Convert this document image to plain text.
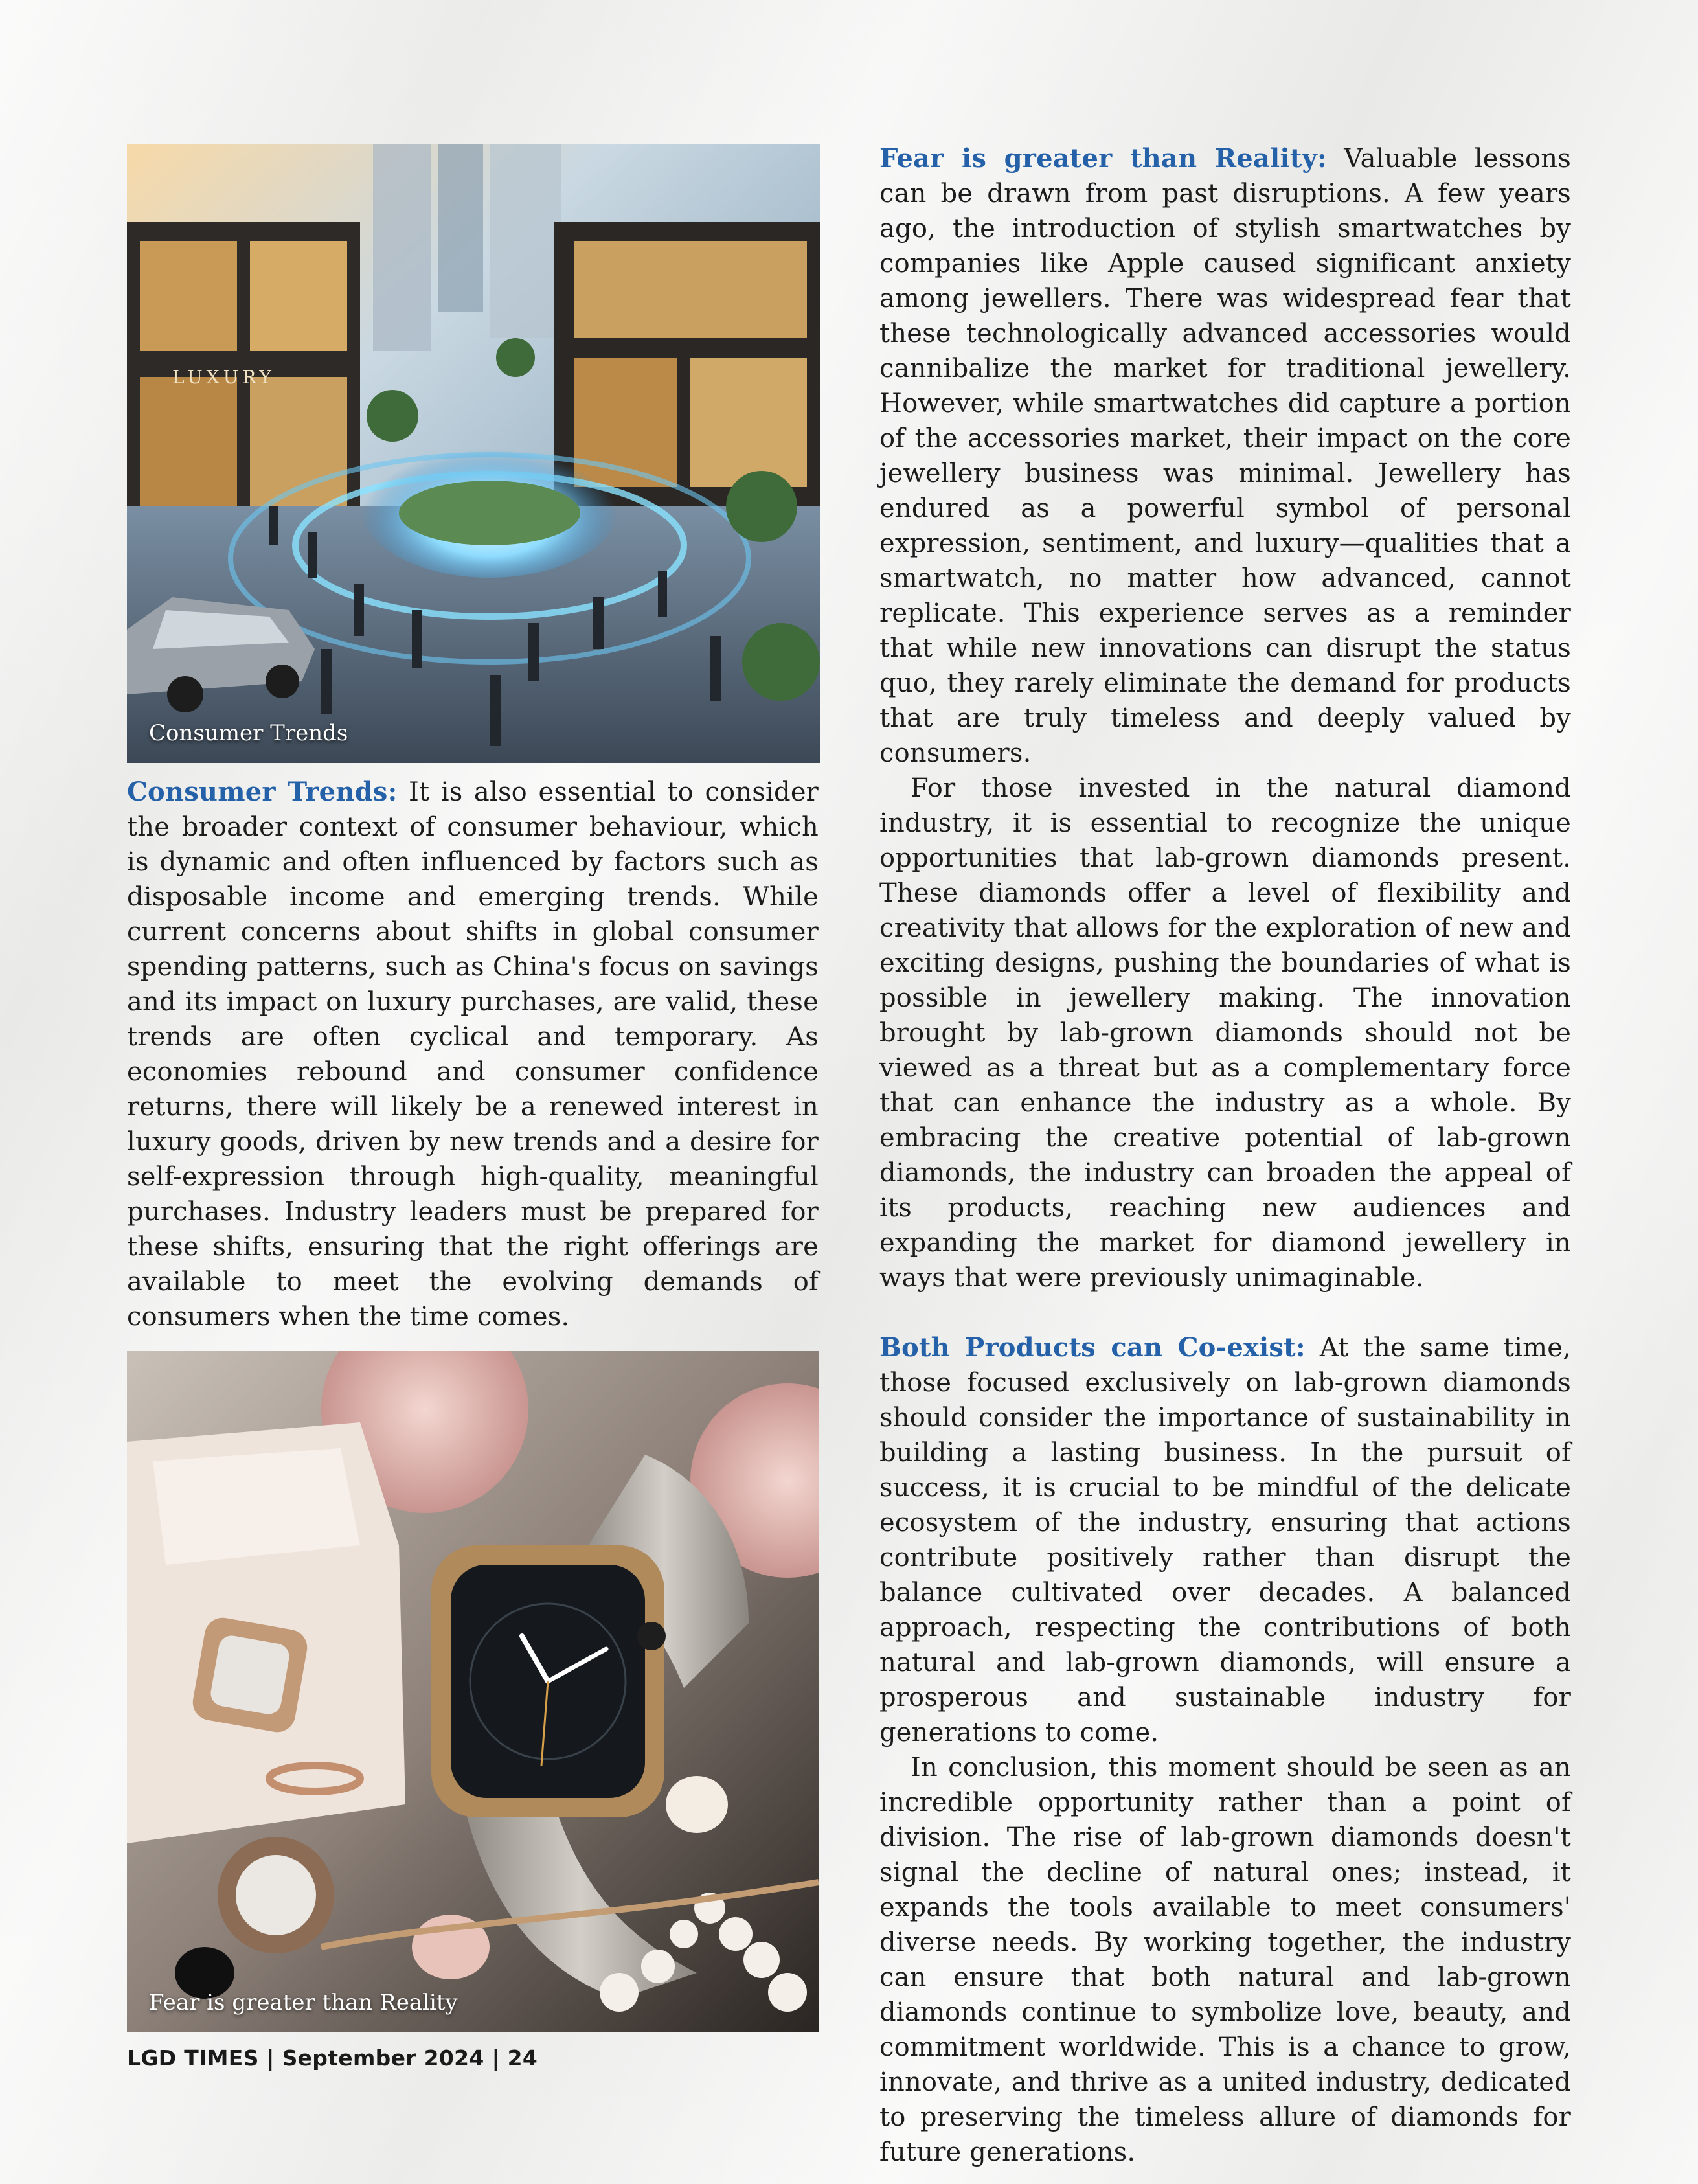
LUXURY
Consumer Trends

Consumer Trends: It is also essential to consider the broader context of consumer behaviour, which is dynamic and often influenced by factors such as disposable income and emerging trends. While current concerns about shifts in global consumer spending patterns, such as China's focus on savings and its impact on luxury purchases, are valid, these trends are often cyclical and temporary. As economies rebound and consumer confidence returns, there will likely be a renewed interest in luxury goods, driven by new trends and a desire for self-expression through high-quality, meaningful purchases. Industry leaders must be prepared for these shifts, ensuring that the right offerings are available to meet the evolving demands of consumers when the time comes.

Fear is greater than Reality

Fear is greater than Reality: Valuable lessons can be drawn from past disruptions. A few years ago, the introduction of stylish smartwatches by companies like Apple caused significant anxiety among jewellers. There was widespread fear that these technologically advanced accessories would cannibalize the market for traditional jewellery. However, while smartwatches did capture a portion of the accessories market, their impact on the core jewellery business was minimal. Jewellery has endured as a powerful symbol of personal expression, sentiment, and luxury—qualities that a smartwatch, no matter how advanced, cannot replicate. This experience serves as a reminder that while new innovations can disrupt the status quo, they rarely eliminate the demand for products that are truly timeless and deeply valued by consumers.

For those invested in the natural diamond industry, it is essential to recognize the unique opportunities that lab-grown diamonds present. These diamonds offer a level of flexibility and creativity that allows for the exploration of new and exciting designs, pushing the boundaries of what is possible in jewellery making. The innovation brought by lab-grown diamonds should not be viewed as a threat but as a complementary force that can enhance the industry as a whole. By embracing the creative potential of lab-grown diamonds, the industry can broaden the appeal of its products, reaching new audiences and expanding the market for diamond jewellery in ways that were previously unimaginable.

Both Products can Co-exist: At the same time, those focused exclusively on lab-grown diamonds should consider the importance of sustainability in building a lasting business. In the pursuit of success, it is crucial to be mindful of the delicate ecosystem of the industry, ensuring that actions contribute positively rather than disrupt the balance cultivated over decades. A balanced approach, respecting the contributions of both natural and lab-grown diamonds, will ensure a prosperous and sustainable industry for generations to come.

In conclusion, this moment should be seen as an incredible opportunity rather than a point of division. The rise of lab-grown diamonds doesn't signal the decline of natural ones; instead, it expands the tools available to meet consumers' diverse needs. By working together, the industry can ensure that both natural and lab-grown diamonds continue to symbolize love, beauty, and commitment worldwide. This is a chance to grow, innovate, and thrive as a united industry, dedicated to preserving the timeless allure of diamonds for future generations.

LGD TIMES | September 2024 | 24
